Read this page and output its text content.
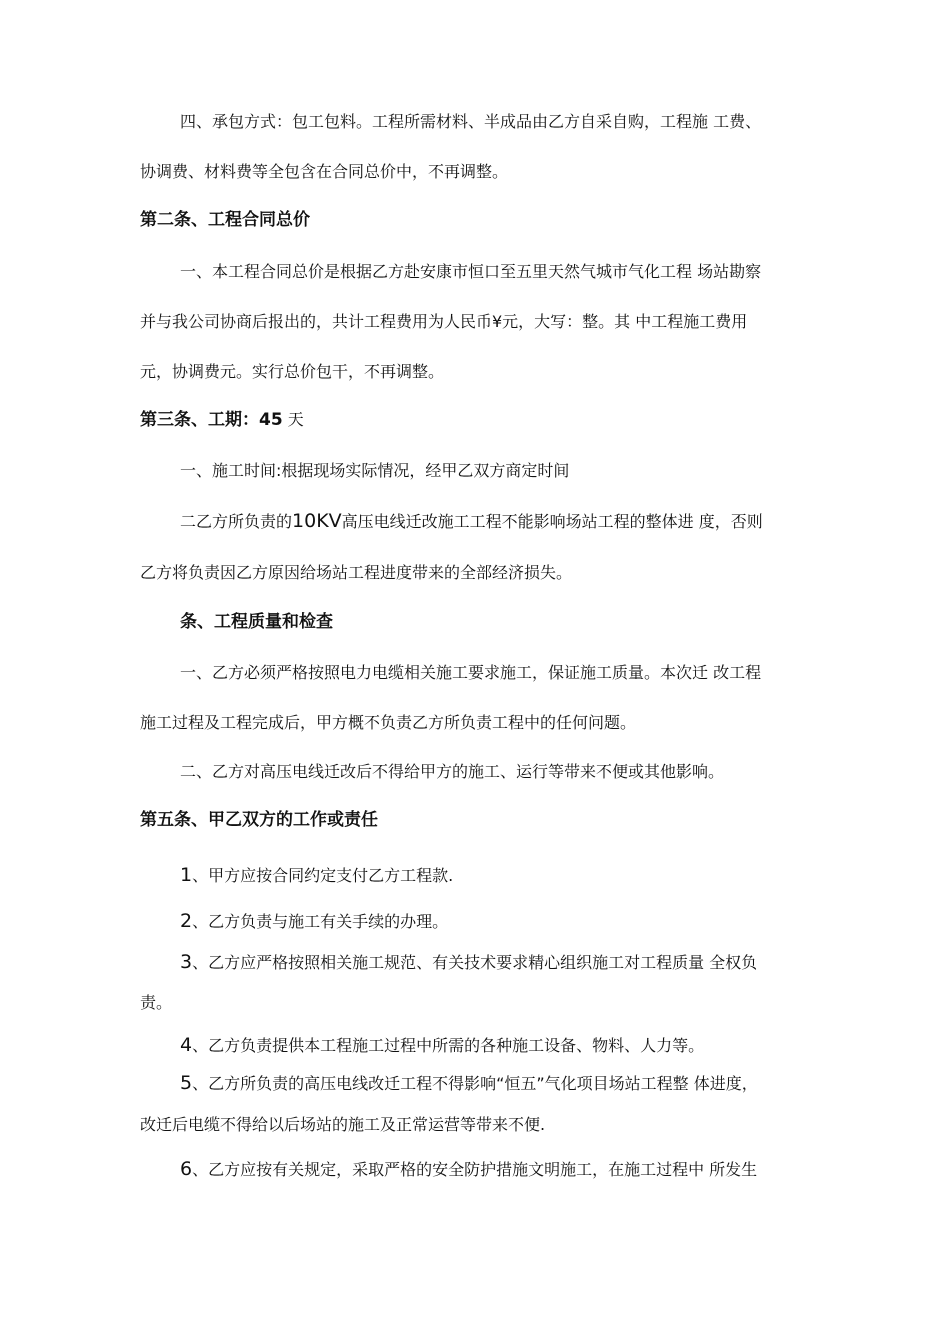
四、承包方式：包工包料。工程所需材料、半成品由乙方自采自购，工程施 工费、
协调费、材料费等全包含在合同总价中，不再调整。
第二条、工程合同总价
一、本工程合同总价是根据乙方赴安康市恒口至五里天然气城市气化工程 场站勘察
并与我公司协商后报出的，共计工程费用为人民币¥元，大写：整。其 中工程施工费用
元，协调费元。实行总价包干，不再调整。
第三条、工期：45 天
一、施工时间:根据现场实际情况，经甲乙双方商定时间
二乙方所负责的10KV高压电线迁改施工工程不能影响场站工程的整体进 度，否则
乙方将负责因乙方原因给场站工程进度带来的全部经济损失。
条、工程质量和检查
一、乙方必须严格按照电力电缆相关施工要求施工，保证施工质量。本次迁 改工程
施工过程及工程完成后，甲方概不负责乙方所负责工程中的任何问题。
二、乙方对高压电线迁改后不得给甲方的施工、运行等带来不便或其他影响。
第五条、甲乙双方的工作或责任
1、甲方应按合同约定支付乙方工程款.
2、乙方负责与施工有关手续的办理。
3、乙方应严格按照相关施工规范、有关技术要求精心组织施工对工程质量 全权负
责。
4、乙方负责提供本工程施工过程中所需的各种施工设备、物料、人力等。
5、乙方所负责的高压电线改迁工程不得影响“恒五”气化项目场站工程整 体进度，
改迁后电缆不得给以后场站的施工及正常运营等带来不便.
6、乙方应按有关规定，采取严格的安全防护措施文明施工，在施工过程中 所发生
